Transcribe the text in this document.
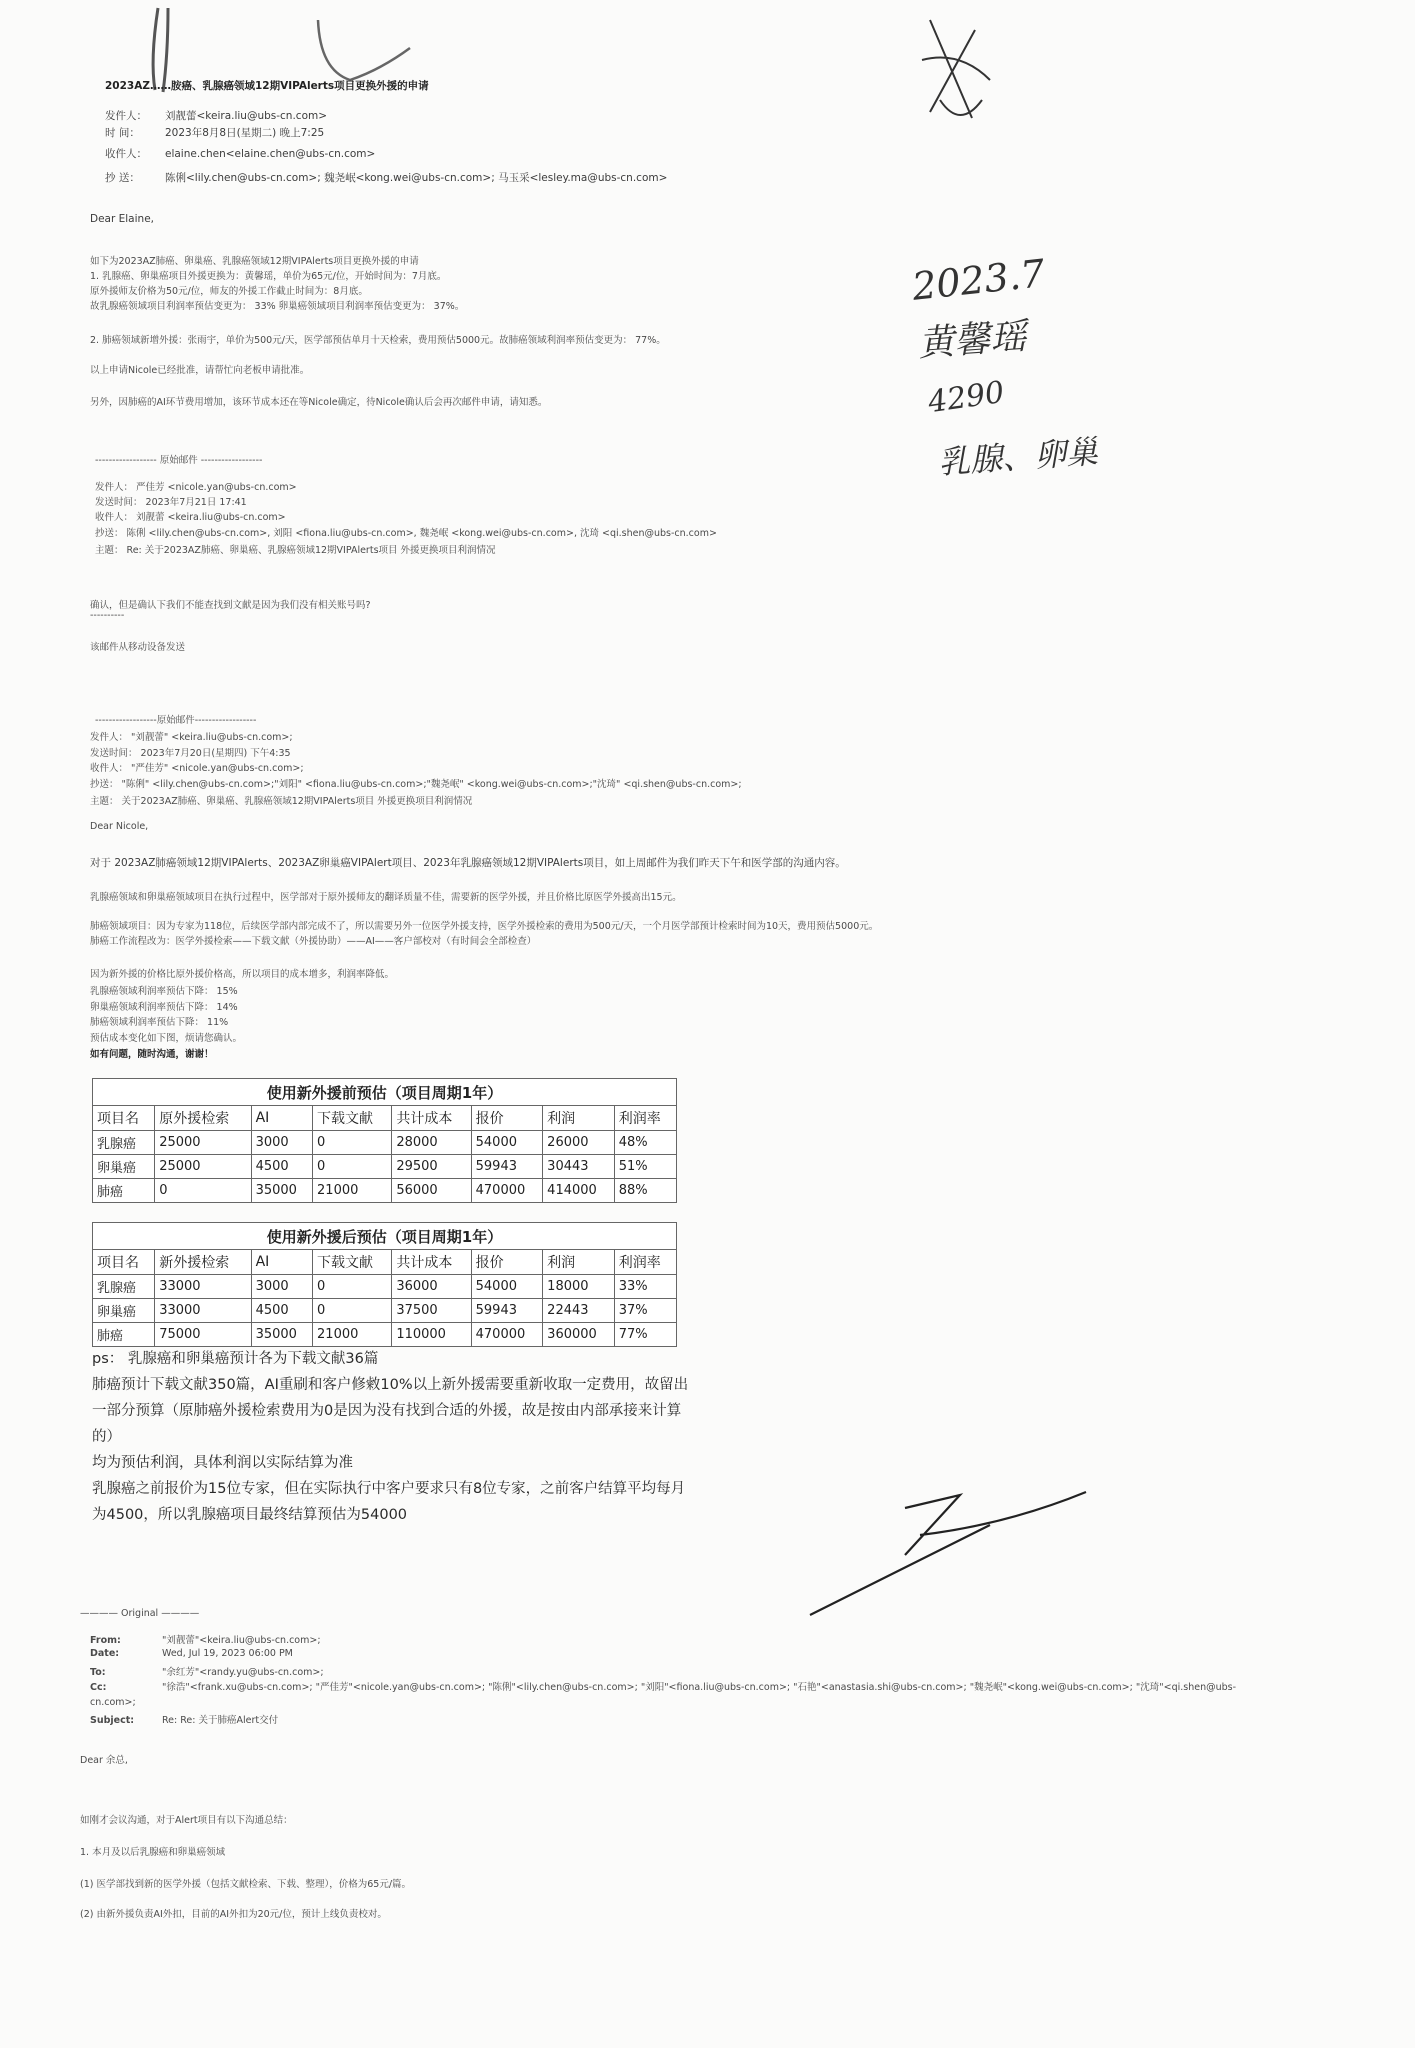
2023.7
黄馨瑶
4290
乳腺、卵巢
2023AZ……胺癌、乳腺癌领域12期VIPAlerts项目更换外援的申请
发件人： 刘靓蕾<keira.liu@ubs-cn.com>
时 间： 2023年8月8日(星期二) 晚上7:25
收件人： elaine.chen<elaine.chen@ubs-cn.com>
抄 送： 陈俐<lily.chen@ubs-cn.com>; 魏尧岷<kong.wei@ubs-cn.com>; 马玉采<lesley.ma@ubs-cn.com>
Dear Elaine,
如下为2023AZ肺癌、卵巢癌、乳腺癌领域12期VIPAlerts项目更换外援的申请
1. 乳腺癌、卵巢癌项目外援更换为：黄馨瑶，单价为65元/位，开始时间为：7月底。
原外援师友价格为50元/位，师友的外援工作截止时间为：8月底。
故乳腺癌领域项目利润率预估变更为： 33% 卵巢癌领域项目利润率预估变更为： 37%。
2. 肺癌领域新增外援：张雨宇，单价为500元/天，医学部预估单月十天检索，费用预估5000元。故肺癌领域利润率预估变更为： 77%。
以上申请Nicole已经批准，请帮忙向老板申请批准。
另外，因肺癌的AI环节费用增加，该环节成本还在等Nicole确定，待Nicole确认后会再次邮件申请，请知悉。
------------------ 原始邮件 ------------------
发件人： 严佳芳 <nicole.yan@ubs-cn.com>
发送时间： 2023年7月21日 17:41
收件人： 刘靓蕾 <keira.liu@ubs-cn.com>
抄送： 陈俐 <lily.chen@ubs-cn.com>, 刘阳 <fiona.liu@ubs-cn.com>, 魏尧岷 <kong.wei@ubs-cn.com>, 沈琦 <qi.shen@ubs-cn.com>
主题： Re: 关于2023AZ肺癌、卵巢癌、乳腺癌领域12期VIPAlerts项目 外援更换项目利润情况
确认，但是确认下我们不能查找到文献是因为我们没有相关账号吗?
----------
该邮件从移动设备发送
------------------原始邮件------------------
发件人： "刘靓蕾" <keira.liu@ubs-cn.com>;
发送时间： 2023年7月20日(星期四) 下午4:35
收件人： "严佳芳" <nicole.yan@ubs-cn.com>;
抄送： "陈俐" <lily.chen@ubs-cn.com>;"刘阳" <fiona.liu@ubs-cn.com>;"魏尧岷" <kong.wei@ubs-cn.com>;"沈琦" <qi.shen@ubs-cn.com>;
主题： 关于2023AZ肺癌、卵巢癌、乳腺癌领域12期VIPAlerts项目 外援更换项目利润情况
Dear Nicole,
对于 2023AZ肺癌领域12期VIPAlerts、2023AZ卵巢癌VIPAlert项目、2023年乳腺癌领域12期VIPAlerts项目，如上周邮件为我们昨天下午和医学部的沟通内容。
乳腺癌领域和卵巢癌领域项目在执行过程中，医学部对于原外援师友的翻译质量不佳，需要新的医学外援，并且价格比原医学外援高出15元。
肺癌领域项目：因为专家为118位，后续医学部内部完成不了，所以需要另外一位医学外援支持，医学外援检索的费用为500元/天，一个月医学部预计检索时间为10天，费用预估5000元。
肺癌工作流程改为：医学外援检索——下载文献（外援协助）——AI——客户部校对（有时间会全部检查）
因为新外援的价格比原外援价格高，所以项目的成本增多，利润率降低。
乳腺癌领域利润率预估下降： 15%
卵巢癌领域利润率预估下降： 14%
肺癌领域利润率预估下降： 11%
预估成本变化如下图，烦请您确认。
如有问题，随时沟通，谢谢！
使用新外援前预估（项目周期1年）							
项目名	原外援检索	AI	下载文献	共计成本	报价	利润	利润率
乳腺癌	25000	3000	0	28000	54000	26000	48%
卵巢癌	25000	4500	0	29500	59943	30443	51%
肺癌	0	35000	21000	56000	470000	414000	88%
使用新外援后预估（项目周期1年）							
项目名	新外援检索	AI	下载文献	共计成本	报价	利润	利润率
乳腺癌	33000	3000	0	36000	54000	18000	33%
卵巢癌	33000	4500	0	37500	59943	22443	37%
肺癌	75000	35000	21000	110000	470000	360000	77%
ps： 乳腺癌和卵巢癌预计各为下载文献36篇
肺癌预计下载文献350篇，AI重刷和客户修敹10%以上新外援需要重新收取一定费用，故留出一部分预算（原肺癌外援检索费用为0是因为没有找到合适的外援，故是按由内部承接来计算的）
均为预估利润，具体利润以实际结算为准
乳腺癌之前报价为15位专家，但在实际执行中客户要求只有8位专家，之前客户结算平均每月为4500，所以乳腺癌项目最终结算预估为54000
———— Original ————
From:	"刘靓蕾"<keira.liu@ubs-cn.com>;
Date:	Wed, Jul 19, 2023 06:00 PM
To:	"余红芳"<randy.yu@ubs-cn.com>;
Cc:	"徐浩"<frank.xu@ubs-cn.com>; "严佳芳"<nicole.yan@ubs-cn.com>; "陈俐"<lily.chen@ubs-cn.com>; "刘阳"<fiona.liu@ubs-cn.com>; "石艳"<anastasia.shi@ubs-cn.com>; "魏尧岷"<kong.wei@ubs-cn.com>; "沈琦"<qi.shen@ubs-cn.com>;
Subject:	Re: Re: 关于肺癌Alert交付
Dear 余总,
如刚才会议沟通，对于Alert项目有以下沟通总结：
1. 本月及以后乳腺癌和卵巢癌领域
(1) 医学部找到新的医学外援（包括文献检索、下载、整理），价格为65元/篇。
(2) 由新外援负责AI外扣，目前的AI外扣为20元/位，预计上线负责校对。
